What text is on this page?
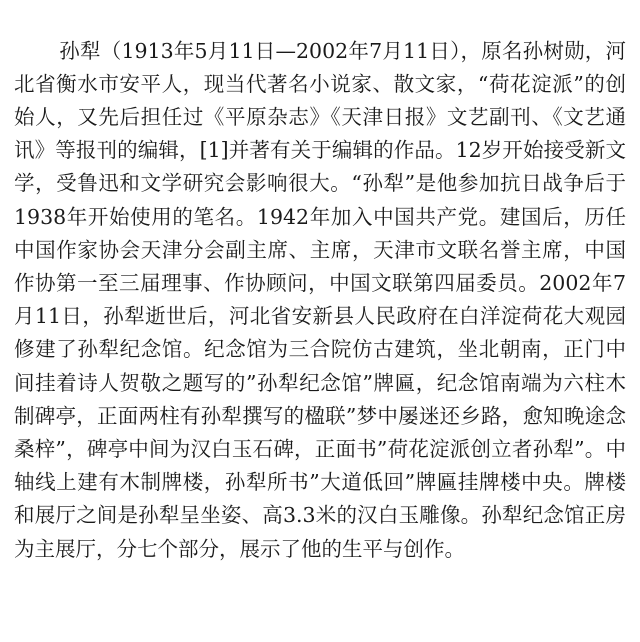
孙犁（1913年5月11日—2002年7月11日），原名孙树勋，河北省衡水市安平人，现当代著名小说家、散文家，“荷花淀派”的创始人，又先后担任过《平原杂志》《天津日报》文艺副刊、《文艺通讯》等报刊的编辑，[1]并著有关于编辑的作品。12岁开始接受新文学，受鲁迅和文学研究会影响很大。“孙犁”是他参加抗日战争后于1938年开始使用的笔名。1942年加入中国共产党。建国后，历任中国作家协会天津分会副主席、主席，天津市文联名誉主席，中国作协第一至三届理事、作协顾问，中国文联第四届委员。2002年7月11日，孙犁逝世后，河北省安新县人民政府在白洋淀荷花大观园修建了孙犁纪念馆。纪念馆为三合院仿古建筑，坐北朝南，正门中间挂着诗人贺敬之题写的”孙犁纪念馆”牌匾，纪念馆南端为六柱木制碑亭，正面两柱有孙犁撰写的楹联”梦中屡迷还乡路，愈知晚途念桑梓”，碑亭中间为汉白玉石碑，正面书”荷花淀派创立者孙犁”。中轴线上建有木制牌楼，孙犁所书”大道低回”牌匾挂牌楼中央。牌楼和展厅之间是孙犁呈坐姿、高3.3米的汉白玉雕像。孙犁纪念馆正房为主展厅，分七个部分，展示了他的生平与创作。
